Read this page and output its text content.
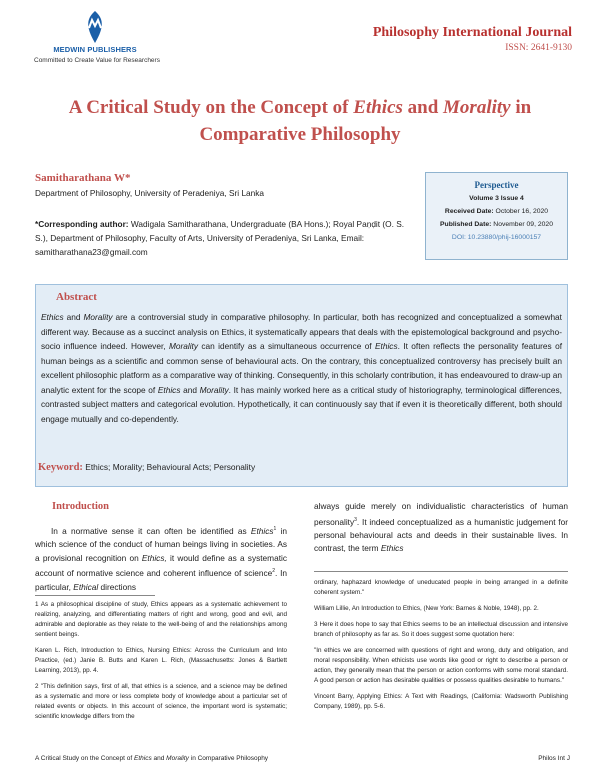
MEDWIN PUBLISHERS
Committed to Create Value for Researchers
Philosophy International Journal
ISSN: 2641-9130
A Critical Study on the Concept of Ethics and Morality in Comparative Philosophy
Samitharathana W*
Department of Philosophy, University of Peradeniya, Sri Lanka
*Corresponding author: Wadigala Samitharathana, Undergraduate (BA Hons.); Royal Paṇḍit (O. S. S.), Department of Philosophy, Faculty of Arts, University of Peradeniya, Sri Lanka, Email: samitharathana23@gmail.com
Perspective
Volume 3 Issue 4
Received Date: October 16, 2020
Published Date: November 09, 2020
DOI: 10.23880/phij-16000157
Abstract
Ethics and Morality are a controversial study in comparative philosophy. In particular, both has recognized and conceptualized a somewhat different way. Because as a succinct analysis on Ethics, it systematically appears that deals with the epistemological background and psycho-socio influence indeed. However, Morality can identify as a simultaneous occurrence of Ethics. It often reflects the personality features of human beings as a scientific and common sense of behavioural acts. On the contrary, this conceptualized controversy has precisely built an excellent philosophic platform as a comparative way of thinking. Consequently, in this scholarly contribution, it has endeavoured to draw-up an analytic extent for the scope of Ethics and Morality. It has mainly worked here as a critical study of historiography, terminological differences, contrasted subject matters and categorical evolution. Hypothetically, it can continuously say that if even it is theoretically different, both should engage mutually and co-dependently.
Keyword: Ethics; Morality; Behavioural Acts; Personality
Introduction
In a normative sense it can often be identified as Ethics$^1$ in which science of the conduct of human beings living in societies. As a provisional recognition on Ethics, it would define as a systematic account of normative science and coherent influence of science$^2$. In particular, Ethical directions
always guide merely on individualistic characteristics of human personality$^3$. It indeed conceptualized as a humanistic judgement for personal behavioural acts and deeds in their sustainable lives. In contrast, the term Ethics

1 As a philosophical discipline of study, Ethics appears as a systematic achievement to realizing, analyzing, and differentiating matters of right and wrong, good and evil, and admirable and deplorable as they relate to the well-being of and the relationships among sentient beings.

Karen L. Rich, Introduction to Ethics, Nursing Ethics: Across the Curriculum and Into Practice, (ed.) Janie B. Butts and Karen L. Rich, (Massachusetts: Jones & Bartlett Learning, 2013), pp. 4.

2 "This definition says, first of all, that ethics is a science, and a science may be defined as a systematic and more or less complete body of knowledge about a particular set of related events or objects. In this account of science, the important word is systematic; scientific knowledge differs from the

ordinary, haphazard knowledge of uneducated people in being arranged in a definite coherent system."

William Lillie, An Introduction to Ethics, (New York: Barnes & Noble, 1948), pp. 2.

3 Here it does hope to say that Ethics seems to be an intellectual discussion and intensive branch of philosophy as far as. So it does suggest some quotation here:

"In ethics we are concerned with questions of right and wrong, duty and obligation, and moral responsibility. When ethicists use words like good or right to describe a person or action, they generally mean that the person or action conforms with some moral standard. A good person or action has desirable qualities or possess qualities desirable to humans."

Vincent Barry, Applying Ethics: A Text with Readings, (California: Wadsworth Publishing Company, 1989), pp. 5-6.

A Critical Study on the Concept of Ethics and Morality in Comparative Philosophy	Philos Int J
